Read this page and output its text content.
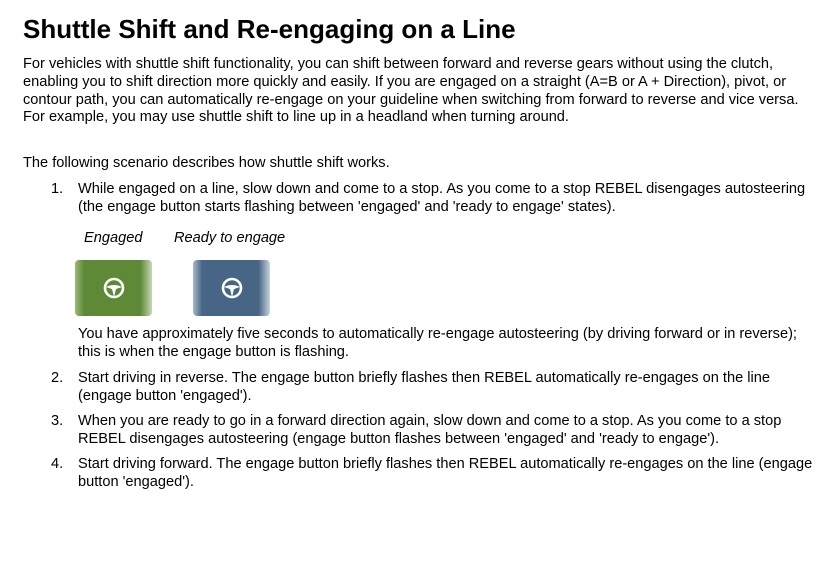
Shuttle Shift and Re-engaging on a Line

For vehicles with shuttle shift functionality, you can shift between forward and reverse gears without using the clutch, enabling you to shift direction more quickly and easily. If you are engaged on a straight (A=B or A + Direction), pivot, or contour path, you can automatically re-engage on your guideline when switching from forward to reverse and vice versa. For example, you may use shuttle shift to line up in a headland when turning around.

The following scenario describes how shuttle shift works.

1. While engaged on a line, slow down and come to a stop. As you come to a stop REBEL disengages autosteering (the engage button starts flashing between 'engaged' and 'ready to engage' states).
Engaged Ready to engage

You have approximately five seconds to automatically re-engage autosteering (by driving forward or in reverse); this is when the engage button is flashing.

2. Start driving in reverse. The engage button briefly flashes then REBEL automatically re-engages on the line (engage button 'engaged').
3. When you are ready to go in a forward direction again, slow down and come to a stop. As you come to a stop REBEL disengages autosteering (engage button flashes between 'engaged' and 'ready to engage').
4. Start driving forward. The engage button briefly flashes then REBEL automatically re-engages on the line (engage button 'engaged').
